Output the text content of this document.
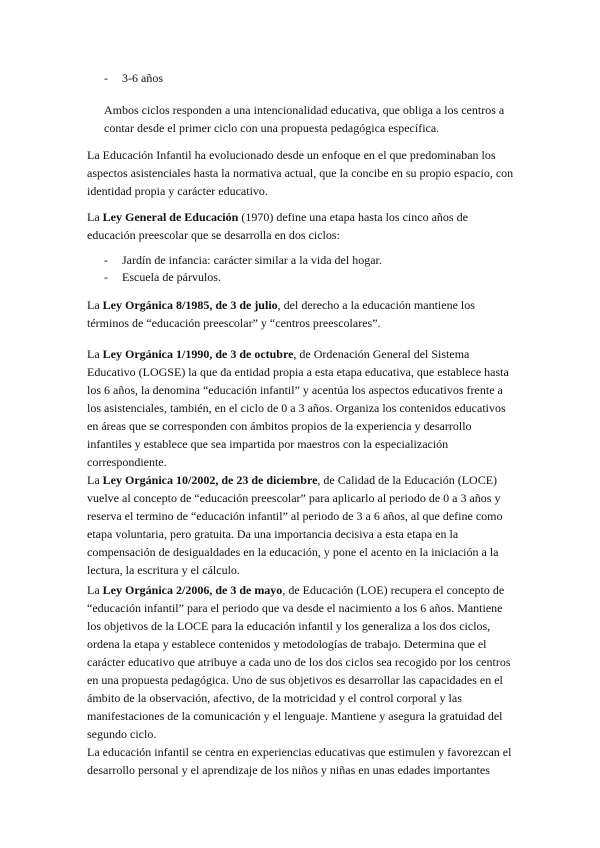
- 3-6 años

Ambos ciclos responden a una intencionalidad educativa, que obliga a los centros a contar desde el primer ciclo con una propuesta pedagógica específica.

La Educación Infantil ha evolucionado desde un enfoque en el que predominaban los aspectos asistenciales hasta la normativa actual, que la concibe en su propio espacio, con identidad propia y carácter educativo.

La Ley General de Educación (1970) define una etapa hasta los cinco años de educación preescolar que se desarrolla en dos ciclos:

- Jardín de infancia: carácter similar a la vida del hogar.
- Escuela de párvulos.

La Ley Orgánica 8/1985, de 3 de julio, del derecho a la educación mantiene los términos de “educación preescolar” y “centros preescolares”.

La Ley Orgánica 1/1990, de 3 de octubre, de Ordenación General del Sistema Educativo (LOGSE) la que da entidad propia a esta etapa educativa, que establece hasta los 6 años, la denomina “educación infantil” y acentúa los aspectos educativos frente a los asistenciales, también, en el ciclo de 0 a 3 años. Organiza los contenidos educativos en áreas que se corresponden con ámbitos propios de la experiencia y desarrollo infantiles y establece que sea impartida por maestros con la especialización correspondiente.

La Ley Orgánica 10/2002, de 23 de diciembre, de Calidad de la Educación (LOCE) vuelve al concepto de “educación preescolar” para aplicarlo al periodo de 0 a 3 años y reserva el termino de “educación infantil” al periodo de 3 a 6 años, al que define como etapa voluntaria, pero gratuita. Da una importancia decisiva a esta etapa en la compensación de desigualdades en la educación, y pone el acento en la iniciación a la lectura, la escritura y el cálculo.

La Ley Orgánica 2/2006, de 3 de mayo, de Educación (LOE) recupera el concepto de “educación infantil” para el periodo que va desde el nacimiento a los 6 años. Mantiene los objetivos de la LOCE para la educación infantil y los generaliza a los dos ciclos, ordena la etapa y establece contenidos y metodologías de trabajo. Determina que el carácter educativo que atribuye a cada uno de los dos ciclos sea recogido por los centros en una propuesta pedagógica. Uno de sus objetivos es desarrollar las capacidades en el ámbito de la observación, afectivo, de la motricidad y el control corporal y las manifestaciones de la comunicación y el lenguaje. Mantiene y asegura la gratuidad del segundo ciclo.

La educación infantil se centra en experiencias educativas que estimulen y favorezcan el desarrollo personal y el aprendizaje de los niños y niñas en unas edades importantes
